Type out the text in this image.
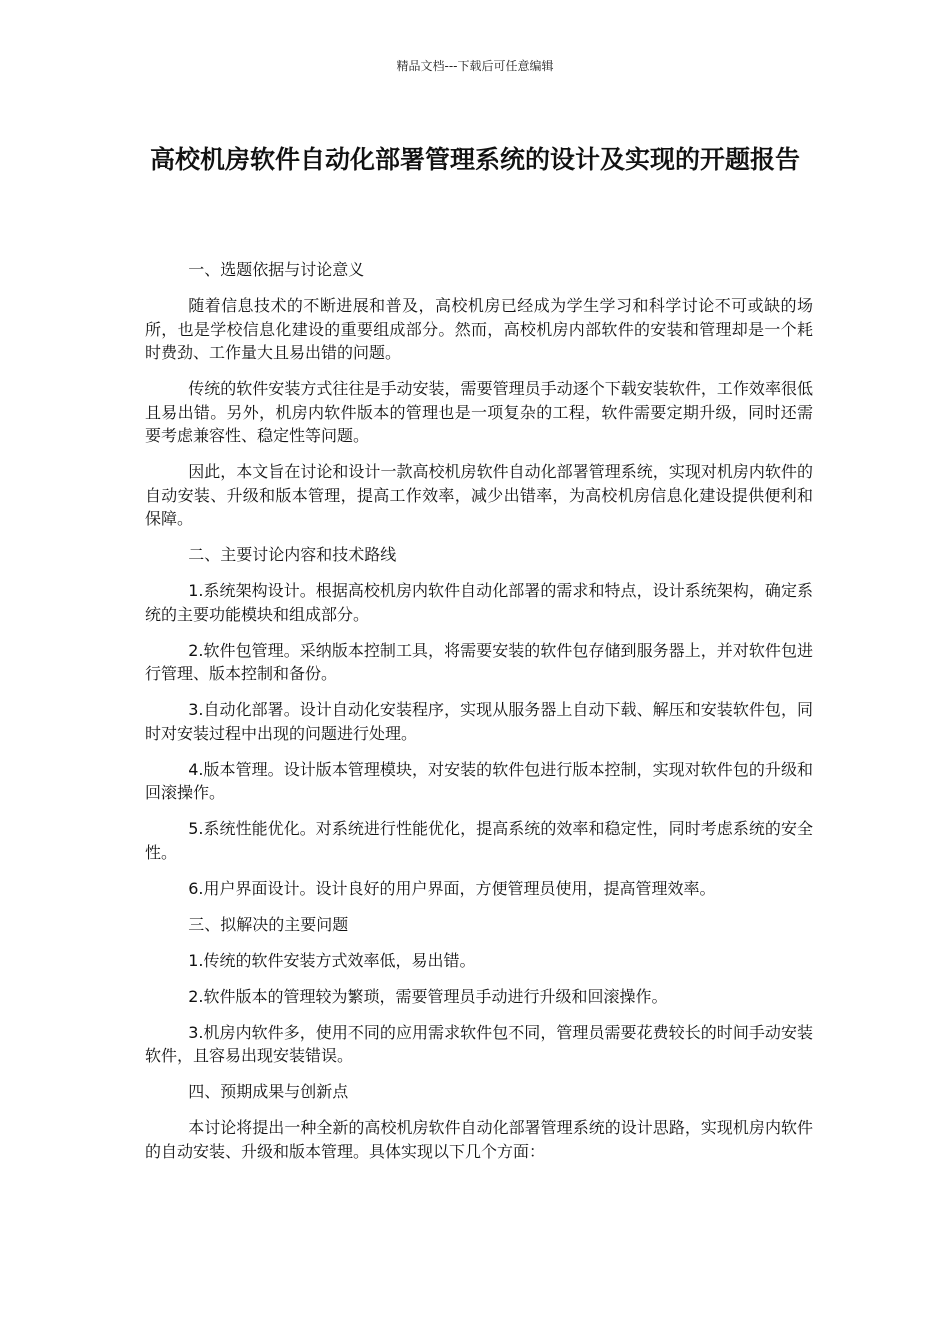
精品文档---下载后可任意编辑
高校机房软件自动化部署管理系统的设计及实现的开题报告

一、选题依据与讨论意义

随着信息技术的不断进展和普及，高校机房已经成为学生学习和科学讨论不可或缺的场所，也是学校信息化建设的重要组成部分。然而，高校机房内部软件的安装和管理却是一个耗时费劲、工作量大且易出错的问题。

传统的软件安装方式往往是手动安装，需要管理员手动逐个下载安装软件，工作效率很低且易出错。另外，机房内软件版本的管理也是一项复杂的工程，软件需要定期升级，同时还需要考虑兼容性、稳定性等问题。

因此，本文旨在讨论和设计一款高校机房软件自动化部署管理系统，实现对机房内软件的自动安装、升级和版本管理，提高工作效率，减少出错率，为高校机房信息化建设提供便利和保障。

二、主要讨论内容和技术路线

1.系统架构设计。根据高校机房内软件自动化部署的需求和特点，设计系统架构，确定系统的主要功能模块和组成部分。

2.软件包管理。采纳版本控制工具，将需要安装的软件包存储到服务器上，并对软件包进行管理、版本控制和备份。

3.自动化部署。设计自动化安装程序，实现从服务器上自动下载、解压和安装软件包，同时对安装过程中出现的问题进行处理。

4.版本管理。设计版本管理模块，对安装的软件包进行版本控制，实现对软件包的升级和回滚操作。

5.系统性能优化。对系统进行性能优化，提高系统的效率和稳定性，同时考虑系统的安全性。

6.用户界面设计。设计良好的用户界面，方便管理员使用，提高管理效率。

三、拟解决的主要问题

1.传统的软件安装方式效率低，易出错。

2.软件版本的管理较为繁琐，需要管理员手动进行升级和回滚操作。

3.机房内软件多，使用不同的应用需求软件包不同，管理员需要花费较长的时间手动安装软件，且容易出现安装错误。

四、预期成果与创新点

本讨论将提出一种全新的高校机房软件自动化部署管理系统的设计思路，实现机房内软件的自动安装、升级和版本管理。具体实现以下几个方面：
